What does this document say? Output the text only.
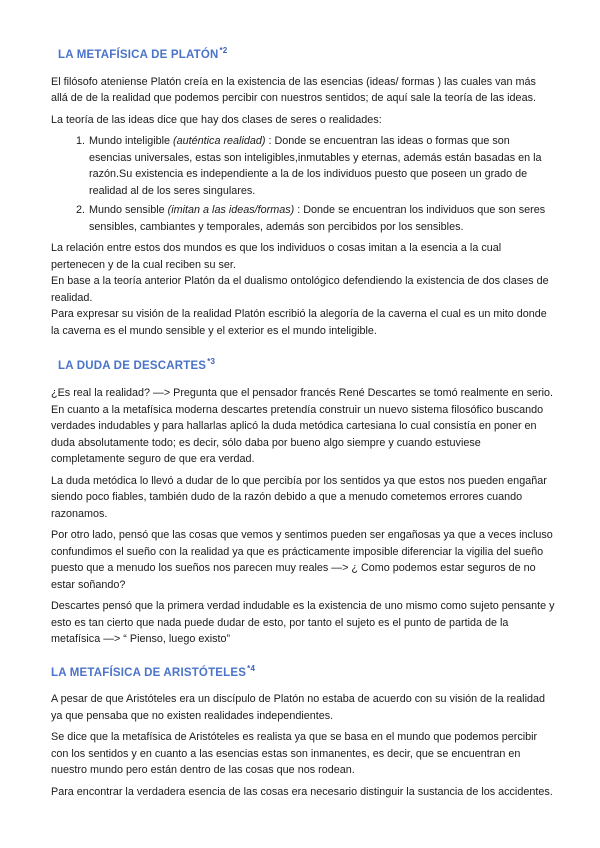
LA METAFÍSICA DE PLATÓN$^{*2}$

El filósofo ateniense Platón creía en la existencia de las esencias (ideas/ formas ) las cuales van más allá de de la realidad que podemos percibir con nuestros sentidos; de aquí sale la teoría de las ideas.

La teoría de las ideas dice que hay dos clases de seres o realidades:

1. Mundo inteligible (auténtica realidad) : Donde se encuentran las ideas o formas que son esencias universales, estas son inteligibles,inmutables y eternas, además están basadas en la razón.Su existencia es independiente a la de los individuos puesto que poseen un grado de realidad al de los seres singulares.
2. Mundo sensible (imitan a las ideas/formas) : Donde se encuentran los individuos que son seres sensibles, cambiantes y temporales, además son percibidos por los sensibles.

La relación entre estos dos mundos es que los individuos o cosas imitan a la esencia a la cual pertenecen y de la cual reciben su ser.

En base a la teoría anterior Platón da el dualismo ontológico defendiendo la existencia de dos clases de realidad.

Para expresar su visión de la realidad Platón escribió la alegoría de la caverna el cual es un mito donde la caverna es el mundo sensible y el exterior es el mundo inteligible.

LA DUDA DE DESCARTES$^{*3}$

¿Es real la realidad? —> Pregunta que el pensador francés René Descartes se tomó realmente en serio.

En cuanto a la metafísica moderna descartes pretendía construir un nuevo sistema filosófico buscando verdades indudables y para hallarlas aplicó la duda metódica cartesiana lo cual consistía en poner en duda absolutamente todo; es decir, sólo daba por bueno algo siempre y cuando estuviese completamente seguro de que era verdad.

La duda metódica lo llevó a dudar de lo que percibía por los sentidos ya que estos nos pueden engañar siendo poco fiables, también dudo de la razón debido a que a menudo cometemos errores cuando razonamos.

Por otro lado, pensó que las cosas que vemos y sentimos pueden ser engañosas ya que a veces incluso confundimos el sueño con la realidad ya que es prácticamente imposible diferenciar la vigilia del sueño puesto que a menudo los sueños nos parecen muy reales —> ¿ Como podemos estar seguros de no estar soñando?

Descartes pensó que la primera verdad indudable es la existencia de uno mismo como sujeto pensante y esto es tan cierto que nada puede dudar de esto, por tanto el sujeto es el punto de partida de la metafísica —> “ Pienso, luego existo”

LA METAFÍSICA DE ARISTÓTELES$^{*4}$

A pesar de que Aristóteles era un discípulo de Platón no estaba de acuerdo con su visión de la realidad ya que pensaba que no existen realidades independientes.

Se dice que la metafísica de Aristóteles es realista ya que se basa en el mundo que podemos percibir con los sentidos y en cuanto a las esencias estas son inmanentes, es decir, que se encuentran en nuestro mundo pero están dentro de las cosas que nos rodean.

Para encontrar la verdadera esencia de las cosas era necesario distinguir la sustancia de los accidentes.
